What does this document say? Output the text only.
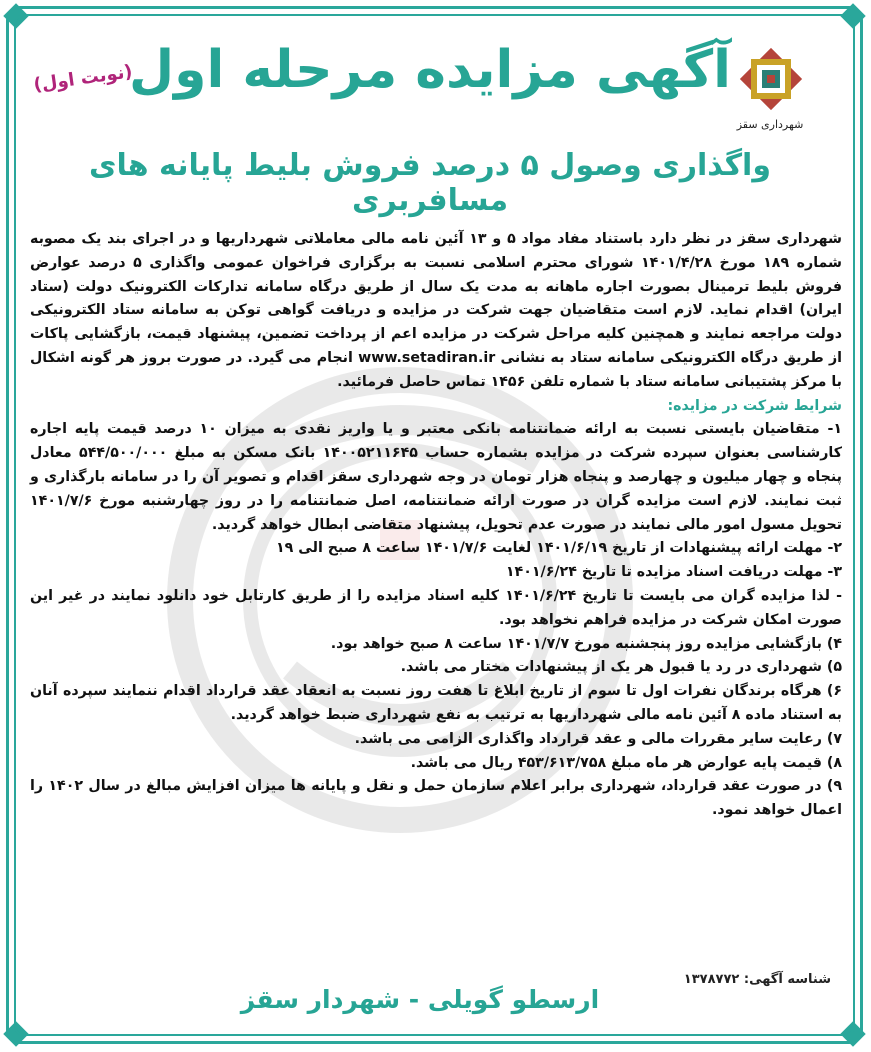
شهرداری سقز
آگهی مزایده مرحله اول
(نوبت اول)
واگذاری وصول ۵ درصد فروش بلیط پایانه های مسافربری

شهرداری سقز در نظر دارد باستناد مفاد مواد ۵ و ۱۳ آئین نامه مالی معاملاتی شهرداریها و در اجرای بند یک مصوبه شماره ۱۸۹ مورخ ۱۴۰۱/۴/۲۸ شورای محترم اسلامی نسبت به برگزاری فراخوان عمومی واگذاری ۵ درصد عوارض فروش بلیط ترمینال بصورت اجاره ماهانه به مدت یک سال از طریق درگاه سامانه تدارکات الکترونیک دولت (ستاد ایران) اقدام نماید. لازم است متقاضیان جهت شرکت در مزایده و دریافت گواهی توکن به سامانه ستاد الکترونیکی دولت مراجعه نمایند و همچنین کلیه مراحل شرکت در مزایده اعم از پرداخت تضمین، پیشنهاد قیمت، بازگشایی پاکات از طریق درگاه الکترونیکی سامانه ستاد به نشانی www.setadiran.ir انجام می گیرد. در صورت بروز هر گونه اشکال با مرکز پشتیبانی سامانه ستاد با شماره تلفن ۱۴۵۶ تماس حاصل فرمائید.

شرایط شرکت در مزایده:

۱- متقاضیان بایستی نسبت به ارائه ضمانتنامه بانکی معتبر و یا واریز نقدی به میزان ۱۰ درصد قیمت پایه اجاره کارشناسی بعنوان سپرده شرکت در مزایده بشماره حساب ۱۴۰۰۵۲۱۱۶۴۵ بانک مسکن به مبلغ ۵۴۴/۵۰۰/۰۰۰ معادل پنجاه و چهار میلیون و چهارصد و پنجاه هزار تومان در وجه شهرداری سقز اقدام و تصویر آن را در سامانه بارگذاری و ثبت نمایند. لازم است مزایده گران در صورت ارائه ضمانتنامه، اصل ضمانتنامه را در روز چهارشنبه مورخ ۱۴۰۱/۷/۶ تحویل مسول امور مالی نمایند در صورت عدم تحویل، پیشنهاد متقاضی ابطال خواهد گردید.

۲- مهلت ارائه پیشنهادات از تاریخ ۱۴۰۱/۶/۱۹ لغایت ۱۴۰۱/۷/۶ ساعت ۸ صبح الی ۱۹

۳- مهلت دریافت اسناد مزایده تا تاریخ ۱۴۰۱/۶/۲۴

- لذا مزایده گران می بایست تا تاریخ ۱۴۰۱/۶/۲۴ کلیه اسناد مزایده را از طریق کارتابل خود دانلود نمایند در غیر این صورت امکان شرکت در مزایده فراهم نخواهد بود.

۴) بازگشایی مزایده روز پنجشنبه مورخ ۱۴۰۱/۷/۷ ساعت ۸ صبح خواهد بود.

۵) شهرداری در رد یا قبول هر یک از پیشنهادات مختار می باشد.

۶) هرگاه برندگان نفرات اول تا سوم از تاریخ ابلاغ تا هفت روز نسبت به انعقاد عقد قرارداد اقدام ننمایند سپرده آنان به استناد ماده ۸ آئین نامه مالی شهرداریها به ترتیب به نفع شهرداری ضبط خواهد گردید.

۷) رعایت سایر مقررات مالی و عقد قرارداد واگذاری الزامی می باشد.

۸) قیمت پایه عوارض هر ماه مبلغ ۴۵۳/۶۱۳/۷۵۸ ریال می باشد.

۹) در صورت عقد قرارداد، شهرداری برابر اعلام سازمان حمل و نقل و پایانه ها میزان افزایش مبالغ در سال ۱۴۰۲ را اعمال خواهد نمود.

شناسه آگهی: ۱۳۷۸۷۷۲
ارسطو گویلی - شهردار سقز
